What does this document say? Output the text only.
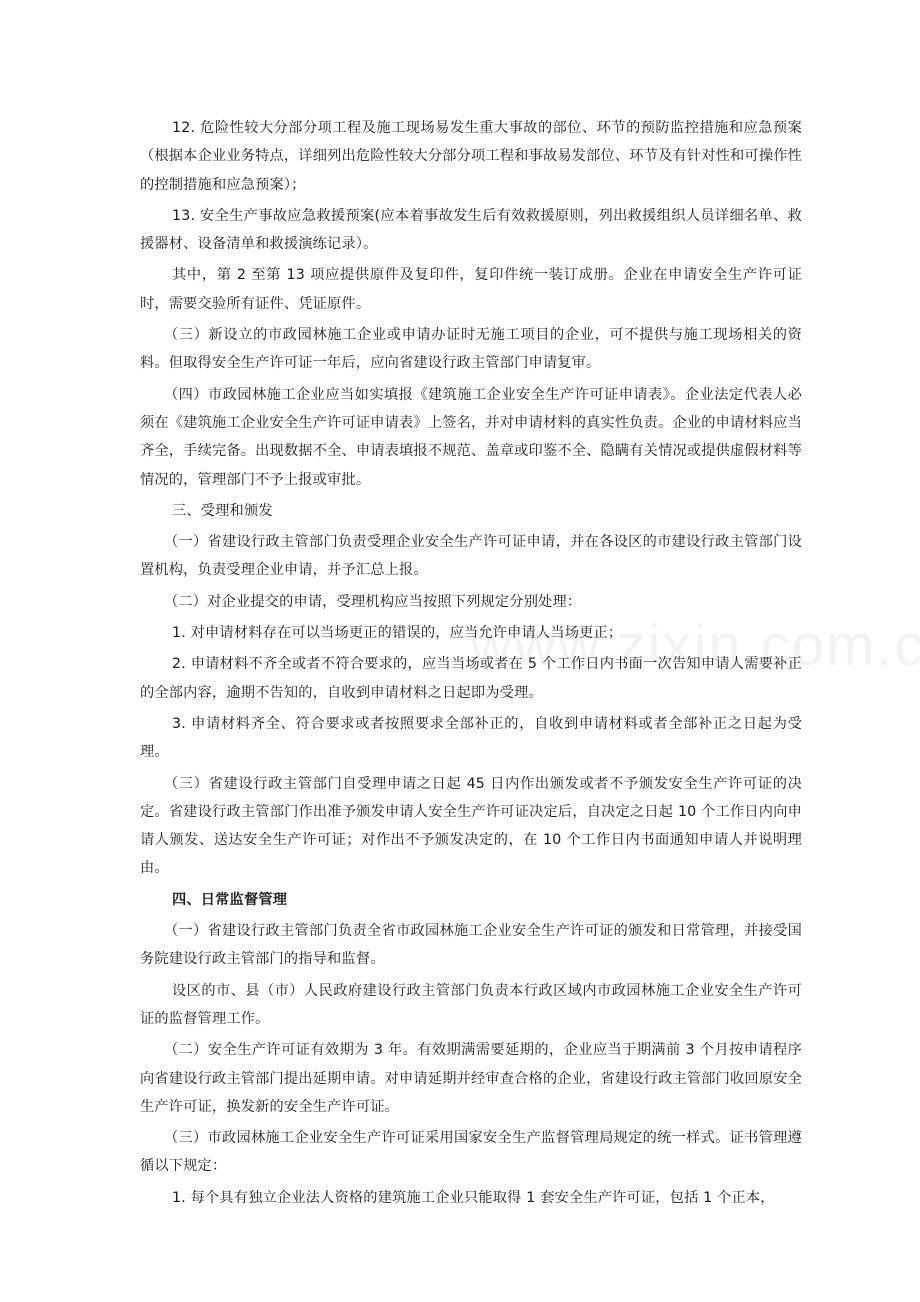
12. 危险性较大分部分项工程及施工现场易发生重大事故的部位、环节的预防监控措施和应急预案（根据本企业业务特点，详细列出危险性较大分部分项工程和事故易发部位、环节及有针对性和可操作性的控制措施和应急预案）；

13. 安全生产事故应急救援预案(应本着事故发生后有效救援原则，列出救援组织人员详细名单、救援器材、设备清单和救援演练记录）。

其中，第 2 至第 13 项应提供原件及复印件，复印件统一装订成册。企业在申请安全生产许可证时，需要交验所有证件、凭证原件。

（三）新设立的市政园林施工企业或申请办证时无施工项目的企业，可不提供与施工现场相关的资料。但取得安全生产许可证一年后，应向省建设行政主管部门申请复审。

（四）市政园林施工企业应当如实填报《建筑施工企业安全生产许可证申请表》。企业法定代表人必须在《建筑施工企业安全生产许可证申请表》上签名，并对申请材料的真实性负责。企业的申请材料应当齐全，手续完备。出现数据不全、申请表填报不规范、盖章或印鉴不全、隐瞒有关情况或提供虚假材料等情况的，管理部门不予上报或审批。

三、受理和颁发

（一）省建设行政主管部门负责受理企业安全生产许可证申请，并在各设区的市建设行政主管部门设置机构，负责受理企业申请，并予汇总上报。

（二）对企业提交的申请，受理机构应当按照下列规定分别处理：

1. 对申请材料存在可以当场更正的错误的，应当允许申请人当场更正；

2. 申请材料不齐全或者不符合要求的，应当当场或者在 5 个工作日内书面一次告知申请人需要补正的全部内容，逾期不告知的，自收到申请材料之日起即为受理。

3. 申请材料齐全、符合要求或者按照要求全部补正的，自收到申请材料或者全部补正之日起为受理。

（三）省建设行政主管部门自受理申请之日起 45 日内作出颁发或者不予颁发安全生产许可证的决定。省建设行政主管部门作出准予颁发申请人安全生产许可证决定后，自决定之日起 10 个工作日内向申请人颁发、送达安全生产许可证；对作出不予颁发决定的，在 10 个工作日内书面通知申请人并说明理由。

四、日常监督管理

（一）省建设行政主管部门负责全省市政园林施工企业安全生产许可证的颁发和日常管理，并接受国务院建设行政主管部门的指导和监督。

设区的市、县（市）人民政府建设行政主管部门负责本行政区域内市政园林施工企业安全生产许可证的监督管理工作。

（二）安全生产许可证有效期为 3 年。有效期满需要延期的，企业应当于期满前 3 个月按申请程序向省建设行政主管部门提出延期申请。对申请延期并经审查合格的企业，省建设行政主管部门收回原安全生产许可证，换发新的安全生产许可证。

（三）市政园林施工企业安全生产许可证采用国家安全生产监督管理局规定的统一样式。证书管理遵循以下规定：

1. 每个具有独立企业法人资格的建筑施工企业只能取得 1 套安全生产许可证，包括 1 个正本，
